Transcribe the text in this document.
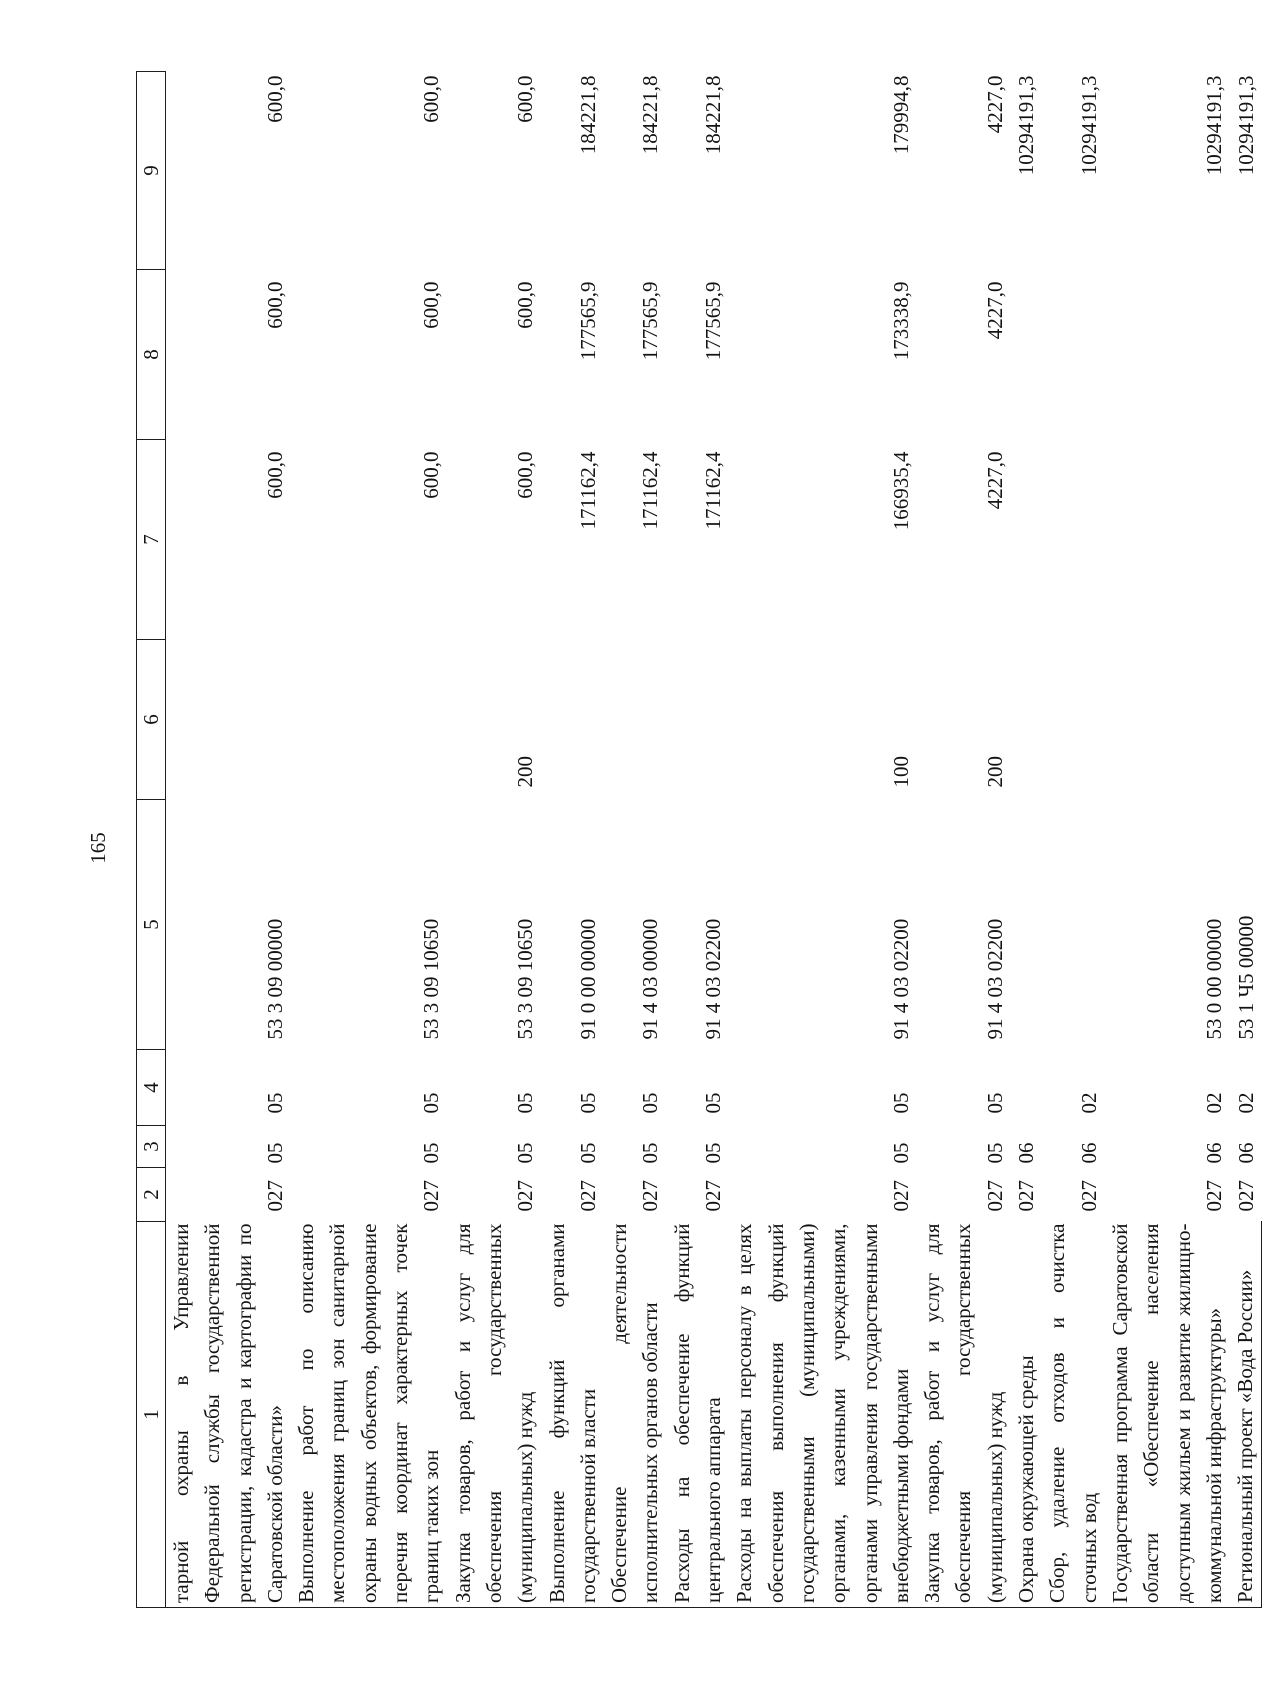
165
1	2	3	4	5	6	7	8	9
тарной охраны в Управлении Федеральной службы государственной регистрации, кадастра и картографии по Саратовской области»	027	05	05	53 3 09 00000		600,0	600,0	600,0
Выполнение работ по описанию местоположения границ зон санитарной охраны водных объектов, формирование перечня координат характерных точек границ таких зон	027	05	05	53 3 09 10650		600,0	600,0	600,0
Закупка товаров, работ и услуг для обеспечения государственных (муниципальных) нужд	027	05	05	53 3 09 10650	200	600,0	600,0	600,0
Выполнение функций органами государственной власти	027	05	05	91 0 00 00000		171162,4	177565,9	184221,8
Обеспечение деятельности исполнительных органов области	027	05	05	91 4 03 00000		171162,4	177565,9	184221,8
Расходы на обеспечение функций центрального аппарата	027	05	05	91 4 03 02200		171162,4	177565,9	184221,8
Расходы на выплаты персоналу в целях обеспечения выполнения функций государственными (муниципальными) органами, казенными учреждениями, органами управления государственными внебюджетными фондами	027	05	05	91 4 03 02200	100	166935,4	173338,9	179994,8
Закупка товаров, работ и услуг для обеспечения государственных (муниципальных) нужд	027	05	05	91 4 03 02200	200	4227,0	4227,0	4227,0
Охрана окружающей среды	027	06						10294191,3
Сбор, удаление отходов и очистка сточных вод	027	06	02					10294191,3
Государственная программа Саратовской области «Обеспечение населения доступным жильем и развитие жилищно-коммунальной инфраструктуры»	027	06	02	53 0 00 00000				10294191,3
Региональный проект «Вода России»	027	06	02	53 1 Ч5 00000				10294191,3
